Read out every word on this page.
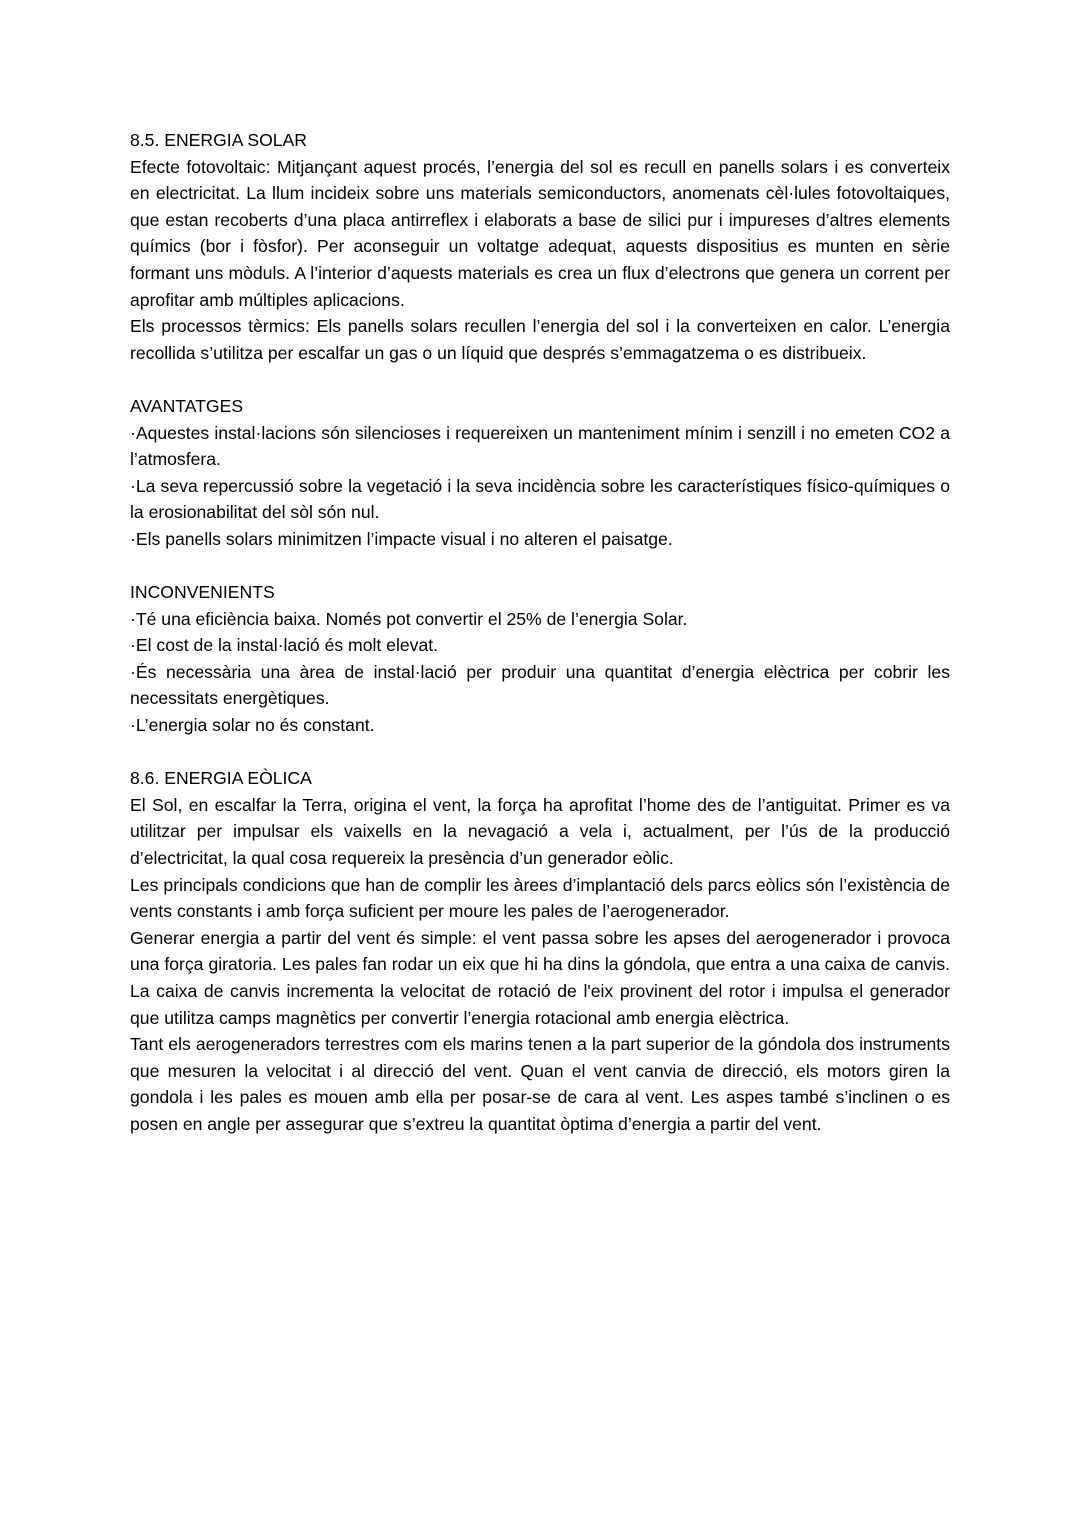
8.5. ENERGIA SOLAR

Efecte fotovoltaic: Mitjançant aquest procés, l’energia del sol es recull en panells solars i es converteix en electricitat. La llum incideix sobre uns materials semiconductors, anomenats cèl·lules fotovoltaiques, que estan recoberts d’una placa antirreflex i elaborats a base de silici pur i impureses d’altres elements químics (bor i fòsfor). Per aconseguir un voltatge adequat, aquests dispositius es munten en sèrie formant uns mòduls. A l’interior d’aquests materials es crea un flux d’electrons que genera un corrent per aprofitar amb múltiples aplicacions.

Els processos tèrmics: Els panells solars recullen l’energia del sol i la converteixen en calor. L’energia recollida s’utilitza per escalfar un gas o un líquid que després s’emmagatzema o es distribueix.

AVANTATGES

·Aquestes instal·lacions són silencioses i requereixen un manteniment mínim i senzill i no emeten CO2 a l’atmosfera.

·La seva repercussió sobre la vegetació i la seva incidència sobre les característiques físico-químiques o la erosionabilitat del sòl són nul.

·Els panells solars minimitzen l’impacte visual i no alteren el paisatge.

INCONVENIENTS

·Té una eficiència baixa. Només pot convertir el 25% de l’energia Solar.

·El cost de la instal·lació és molt elevat.

·És necessària una àrea de instal·lació per produir una quantitat d’energia elèctrica per cobrir les necessitats energètiques.

·L’energia solar no és constant.

8.6. ENERGIA EÒLICA

El Sol, en escalfar la Terra, origina el vent, la força ha aprofitat l’home des de l’antiguitat. Primer es va utilitzar per impulsar els vaixells en la nevagació a vela i, actualment, per l’ús de la producció d’electricitat, la qual cosa requereix la presència d’un generador eòlic.

Les principals condicions que han de complir les àrees d’implantació dels parcs eòlics són l’existència de vents constants i amb força suficient per moure les pales de l’aerogenerador.

Generar energia a partir del vent és simple: el vent passa sobre les apses del aerogenerador i provoca una força giratoria. Les pales fan rodar un eix que hi ha dins la góndola, que entra a una caixa de canvis. La caixa de canvis incrementa la velocitat de rotació de l'eix provinent del rotor i impulsa el generador que utilitza camps magnètics per convertir l’energia rotacional amb energia elèctrica.

Tant els aerogeneradors terrestres com els marins tenen a la part superior de la góndola dos instruments que mesuren la velocitat i al direcció del vent. Quan el vent canvia de direcció, els motors giren la gondola i les pales es mouen amb ella per posar-se de cara al vent. Les aspes també s’inclinen o es posen en angle per assegurar que s’extreu la quantitat òptima d’energia a partir del vent.
